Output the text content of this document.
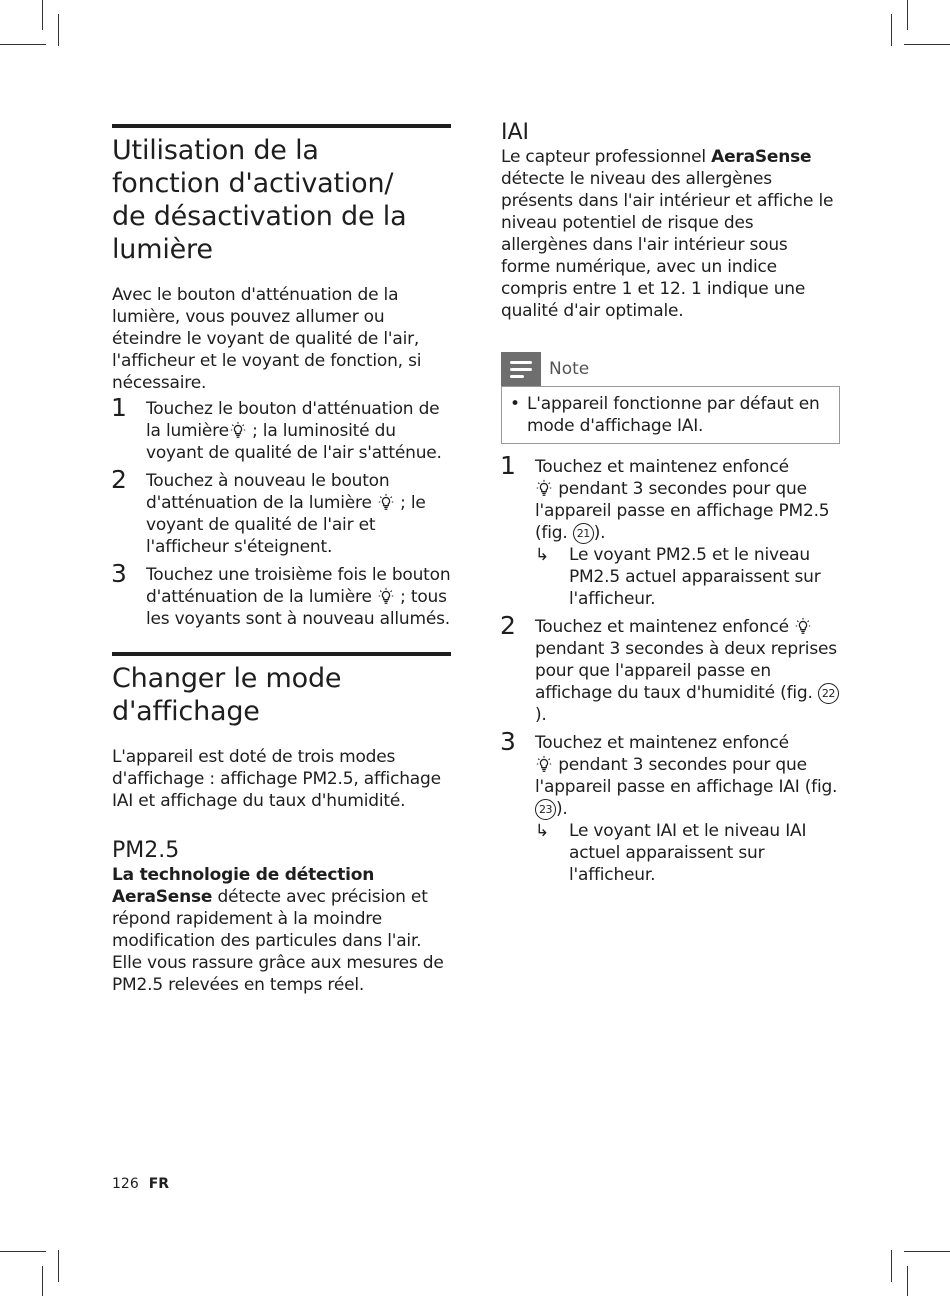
Utilisation de la fonction d'activation/ de désactivation de la lumière

Avec le bouton d'atténuation de la lumière, vous pouvez allumer ou éteindre le voyant de qualité de l'air, l'afficheur et le voyant de fonction, si nécessaire.

1 Touchez le bouton d'atténuation de la lumière ; la luminosité du voyant de qualité de l'air s'atténue.
2 Touchez à nouveau le bouton d'atténuation de la lumière  ; le voyant de qualité de l'air et l'afficheur s'éteignent.
3 Touchez une troisième fois le bouton d'atténuation de la lumière  ; tous les voyants sont à nouveau allumés.
Changer le mode d'affichage

L'appareil est doté de trois modes d'affichage : affichage PM2.5, affichage IAI et affichage du taux d'humidité.

PM2.5

La technologie de détection AeraSense détecte avec précision et répond rapidement à la moindre modification des particules dans l'air. Elle vous rassure grâce aux mesures de PM2.5 relevées en temps réel.

IAI

Le capteur professionnel AeraSense détecte le niveau des allergènes présents dans l'air intérieur et affiche le niveau potentiel de risque des allergènes dans l'air intérieur sous forme numérique, avec un indice compris entre 1 et 12. 1 indique une qualité d'air optimale.

Note
• L'appareil fonctionne par défaut en mode d'affichage IAI.
1 Touchez et maintenez enfoncé
pendant 3 secondes pour que l'appareil passe en affichage PM2.5 (fig. 21 ).
↳ Le voyant PM2.5 et le niveau PM2.5 actuel apparaissent sur l'afficheur.
2 Touchez et maintenez enfoncé  pendant 3 secondes à deux reprises pour que l'appareil passe en affichage du taux d'humidité (fig. 22).
3 Touchez et maintenez enfoncé
pendant 3 secondes pour que l'appareil passe en affichage IAI (fig. 23 ).
↳ Le voyant IAI et le niveau IAI actuel apparaissent sur l'afficheur.
126 FR
